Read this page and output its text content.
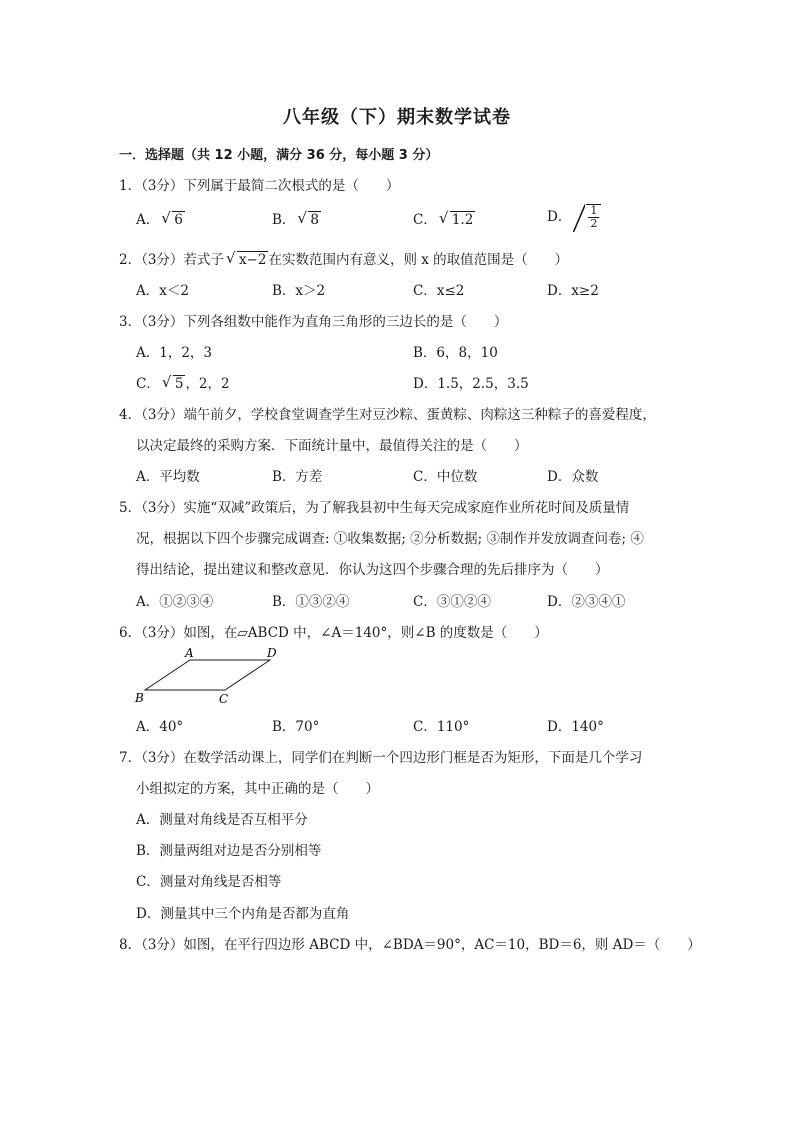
八年级（下）期末数学试卷
一．选择题（共 12 小题，满分 36 分，每小题 3 分）
1．（3分）下列属于最简二次根式的是（　　）
A． √ 6	B． √ 8	C． √ 1.2	D． $\frac{1}{2}$
2．（3分）若式子 √ x−2 在实数范围内有意义，则 x 的取值范围是（　　）
A．x＜2	B．x＞2	C．x≤2	D．x≥2
3．（3分）下列各组数中能作为直角三角形的三边长的是（　　）
A．1，2，3	B．6，8，10
C． √ 5 ，2，2	D．1.5，2.5，3.5
4．（3分）端午前夕，学校食堂调查学生对豆沙粽、蛋黄粽、肉粽这三种粽子的喜爱程度，
以决定最终的采购方案．下面统计量中，最值得关注的是（　　）
A．平均数	B．方差	C．中位数	D．众数
5．（3分）实施“双减”政策后，为了解我县初中生每天完成家庭作业所花时间及质量情
况，根据以下四个步骤完成调查: ①收集数据; ②分析数据; ③制作并发放调查问卷; ④
得出结论，提出建议和整改意见．你认为这四个步骤合理的先后排序为（　　）
A．①②③④	B．①③②④	C．③①②④	D．②③④①
6．（3分）如图，在▱ABCD 中，∠A＝140°，则∠B 的度数是（　　）
A	D
B	C
A．40°	B．70°	C．110°	D．140°
7．（3分）在数学活动课上，同学们在判断一个四边形门框是否为矩形，下面是几个学习
小组拟定的方案，其中正确的是（　　）
A．测量对角线是否互相平分
B．测量两组对边是否分别相等
C．测量对角线是否相等
D．测量其中三个内角是否都为直角
8．（3分）如图，在平行四边形 ABCD 中，∠BDA＝90°，AC＝10，BD＝6，则 AD＝（　　）
